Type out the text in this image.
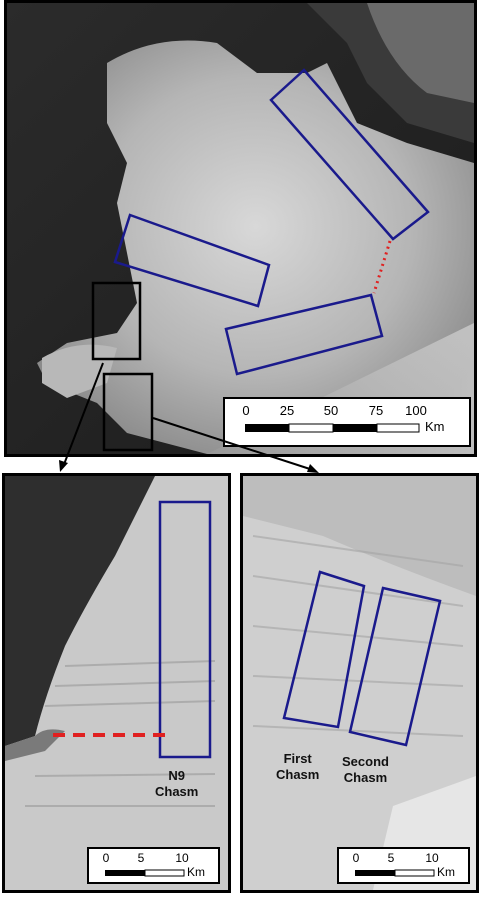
0 25 50 75 100
Km
N9
Chasm
0 5	10
Km
First
Chasm
Second
Chasm
0 5	10
Km
